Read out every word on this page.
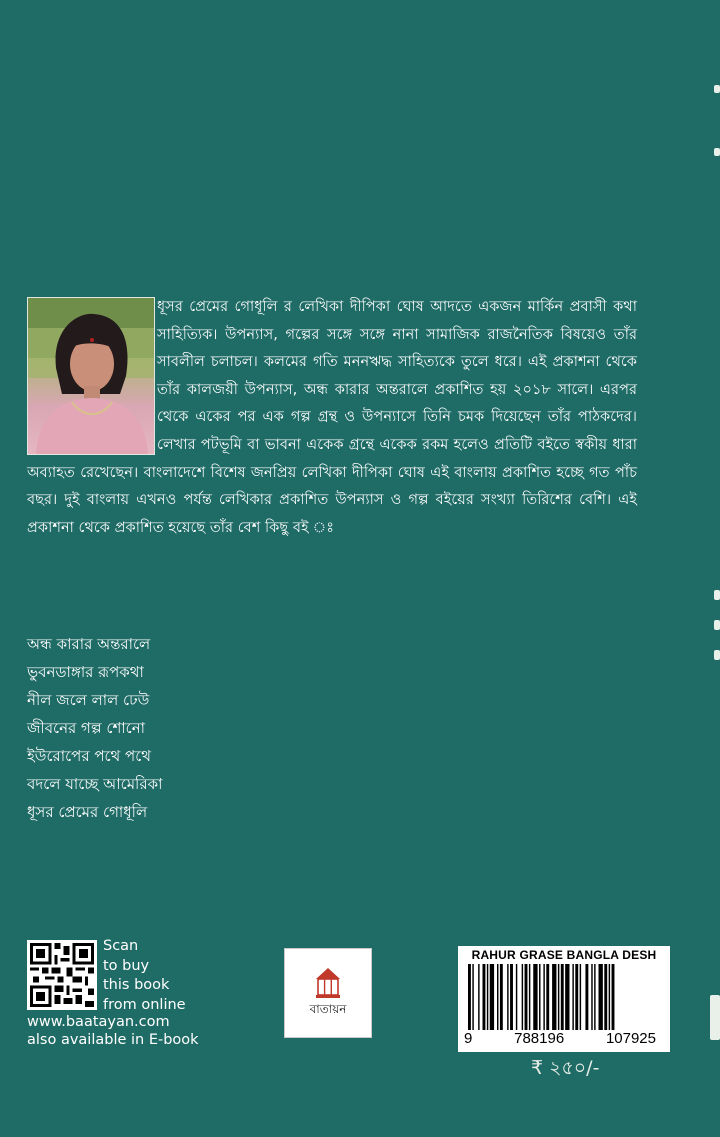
ধূসর প্রেমের গোধূলি র লেখিকা দীপিকা ঘোষ আদতে একজন মার্কিন প্রবাসী কথা সাহিত্যিক। উপন্যাস, গল্পের সঙ্গে সঙ্গে নানা সামাজিক রাজনৈতিক বিষয়েও তাঁর সাবলীল চলাচল। কলমের গতি মননঋদ্ধ সাহিত্যকে তুলে ধরে। এই প্রকাশনা থেকে তাঁর কালজয়ী উপন্যাস, অন্ধ কারার অন্তরালে প্রকাশিত হয় ২০১৮ সালে। এরপর থেকে একের পর এক গল্প গ্রন্থ ও উপন্যাসে তিনি চমক দিয়েছেন তাঁর পাঠকদের। লেখার পটভূমি বা ভাবনা একেক গ্রন্থে একেক রকম হলেও প্রতিটি বইতে স্বকীয় ধারা অব্যাহত রেখেছেন। বাংলাদেশে বিশেষ জনপ্রিয় লেখিকা দীপিকা ঘোষ এই বাংলায় প্রকাশিত হচ্ছে গত পাঁচ বছর। দুই বাংলায় এখনও পর্যন্ত লেখিকার প্রকাশিত উপন্যাস ও গল্প বইয়ের সংখ্যা তিরিশের বেশি। এই প্রকাশনা থেকে প্রকাশিত হয়েছে তাঁর বেশ কিছু বই ঃ

অন্ধ কারার অন্তরালে
ভুবনডাঙ্গার রূপকথা
নীল জলে লাল ঢেউ
জীবনের গল্প শোনো
ইউরোপের পথে পথে
বদলে যাচ্ছে আমেরিকা
ধূসর প্রেমের গোধূলি
Scan
to buy
this book
from online
www.baatayan.com
also available in E-book
বাতায়ন
RAHUR GRASE BANGLA DESH
9	788196	107925
₹ ২৫০/-
